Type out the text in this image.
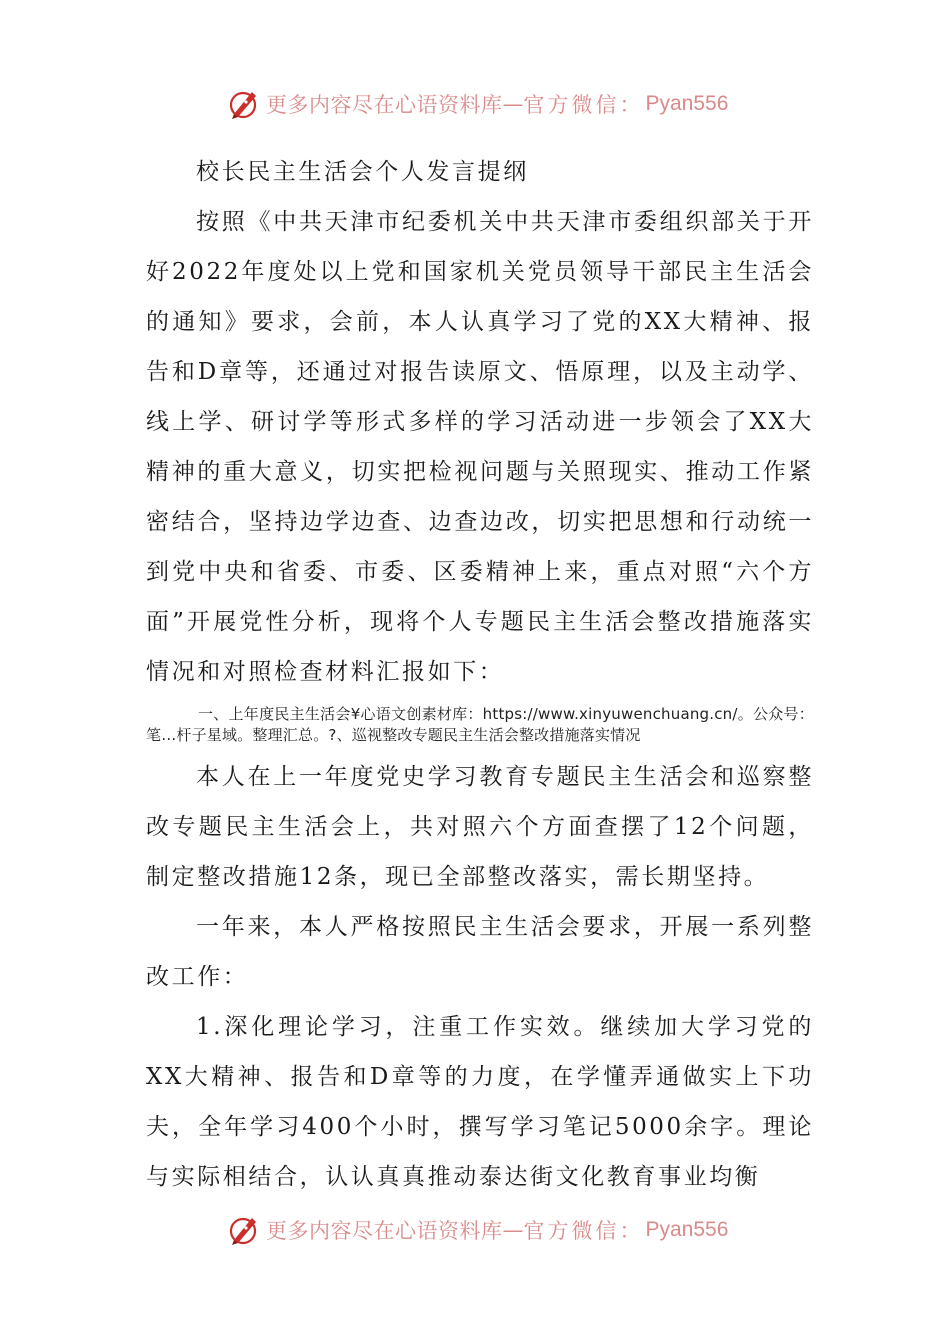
更多内容尽在心语资料库 — 官方微信： Pyan556

校长民主生活会个人发言提纲

按照《中共天津市纪委机关中共天津市委组织部关于开好2022年度处以上党和国家机关党员领导干部民主生活会的通知》要求，会前，本人认真学习了党的XX大精神、报告和D章等，还通过对报告读原文、悟原理，以及主动学、线上学、研讨学等形式多样的学习活动进一步领会了XX大精神的重大意义，切实把检视问题与关照现实、推动工作紧密结合，坚持边学边查、边查边改，切实把思想和行动统一到党中央和省委、市委、区委精神上来，重点对照“六个方面”开展党性分析，现将个人专题民主生活会整改措施落实情况和对照检查材料汇报如下：

一、上年度民主生活会¥心语文创素材库：https://www.xinyuwenchuang.cn/。公众号：笔…杆子星域。整理汇总。?、巡视整改专题民主生活会整改措施落实情况

本人在上一年度党史学习教育专题民主生活会和巡察整改专题民主生活会上，共对照六个方面查摆了12个问题，制定整改措施12条，现已全部整改落实，需长期坚持。

一年来，本人严格按照民主生活会要求，开展一系列整改工作：

1.深化理论学习，注重工作实效。继续加大学习党的XX大精神、报告和D章等的力度，在学懂弄通做实上下功夫，全年学习400个小时，撰写学习笔记5000余字。理论与实际相结合，认认真真推动泰达街文化教育事业均衡

更多内容尽在心语资料库 — 官方微信： Pyan556
